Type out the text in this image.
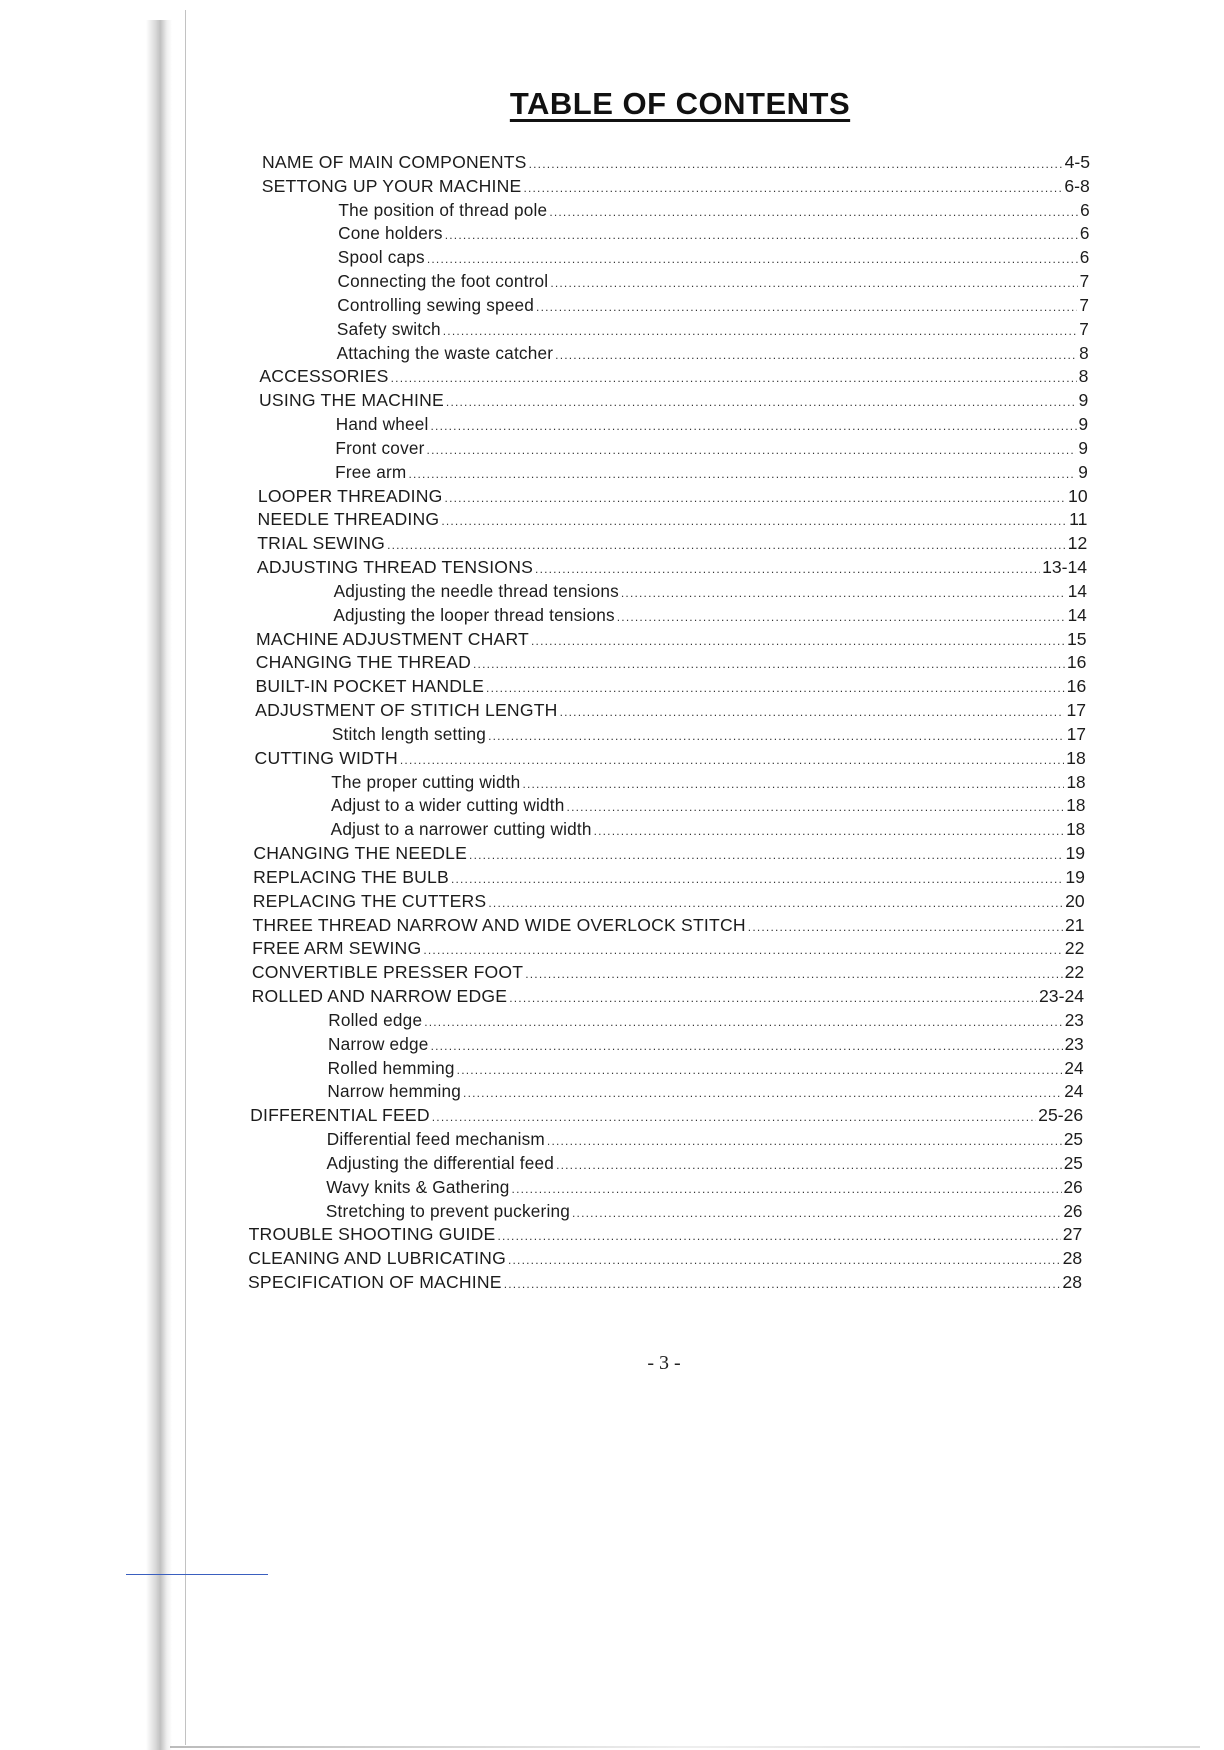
TABLE OF CONTENTS
NAME OF MAIN COMPONENTS .....	4-5
SETTONG UP YOUR MACHINE .....	6-8
The position of thread pole .....	6
Cone holders .....	6
Spool caps .....	6
Connecting the foot control .....	7
Controlling sewing speed .....	7
Safety switch .....	7
Attaching the waste catcher .....	8
ACCESSORIES .....	8
USING THE MACHINE .....	9
Hand wheel .....	9
Front cover .....	9
Free arm .....	9
LOOPER THREADING .....	10
NEEDLE THREADING .....	11
TRIAL SEWING .....	12
ADJUSTING THREAD TENSIONS .....	13-14
Adjusting the needle thread tensions .....	14
Adjusting the looper thread tensions .....	14
MACHINE ADJUSTMENT CHART .....	15
CHANGING THE THREAD .....	16
BUILT-IN POCKET HANDLE .....	16
ADJUSTMENT OF STITICH LENGTH .....	17
Stitch length setting .....	17
CUTTING WIDTH .....	18
The proper cutting width .....	18
Adjust to a wider cutting width .....	18
Adjust to a narrower cutting width .....	18
CHANGING THE NEEDLE .....	19
REPLACING THE BULB .....	19
REPLACING THE CUTTERS .....	20
THREE THREAD NARROW AND WIDE OVERLOCK STITCH .....	21
FREE ARM SEWING .....	22
CONVERTIBLE PRESSER FOOT .....	22
ROLLED AND NARROW EDGE .....	23-24
Rolled edge .....	23
Narrow edge .....	23
Rolled hemming .....	24
Narrow hemming .....	24
DIFFERENTIAL FEED .....	25-26
Differential feed mechanism .....	25
Adjusting the differential feed .....	25
Wavy knits & Gathering .....	26
Stretching to prevent puckering .....	26
TROUBLE SHOOTING GUIDE .....	27
CLEANING AND LUBRICATING .....	28
SPECIFICATION OF MACHINE .....	28
- 3 -
